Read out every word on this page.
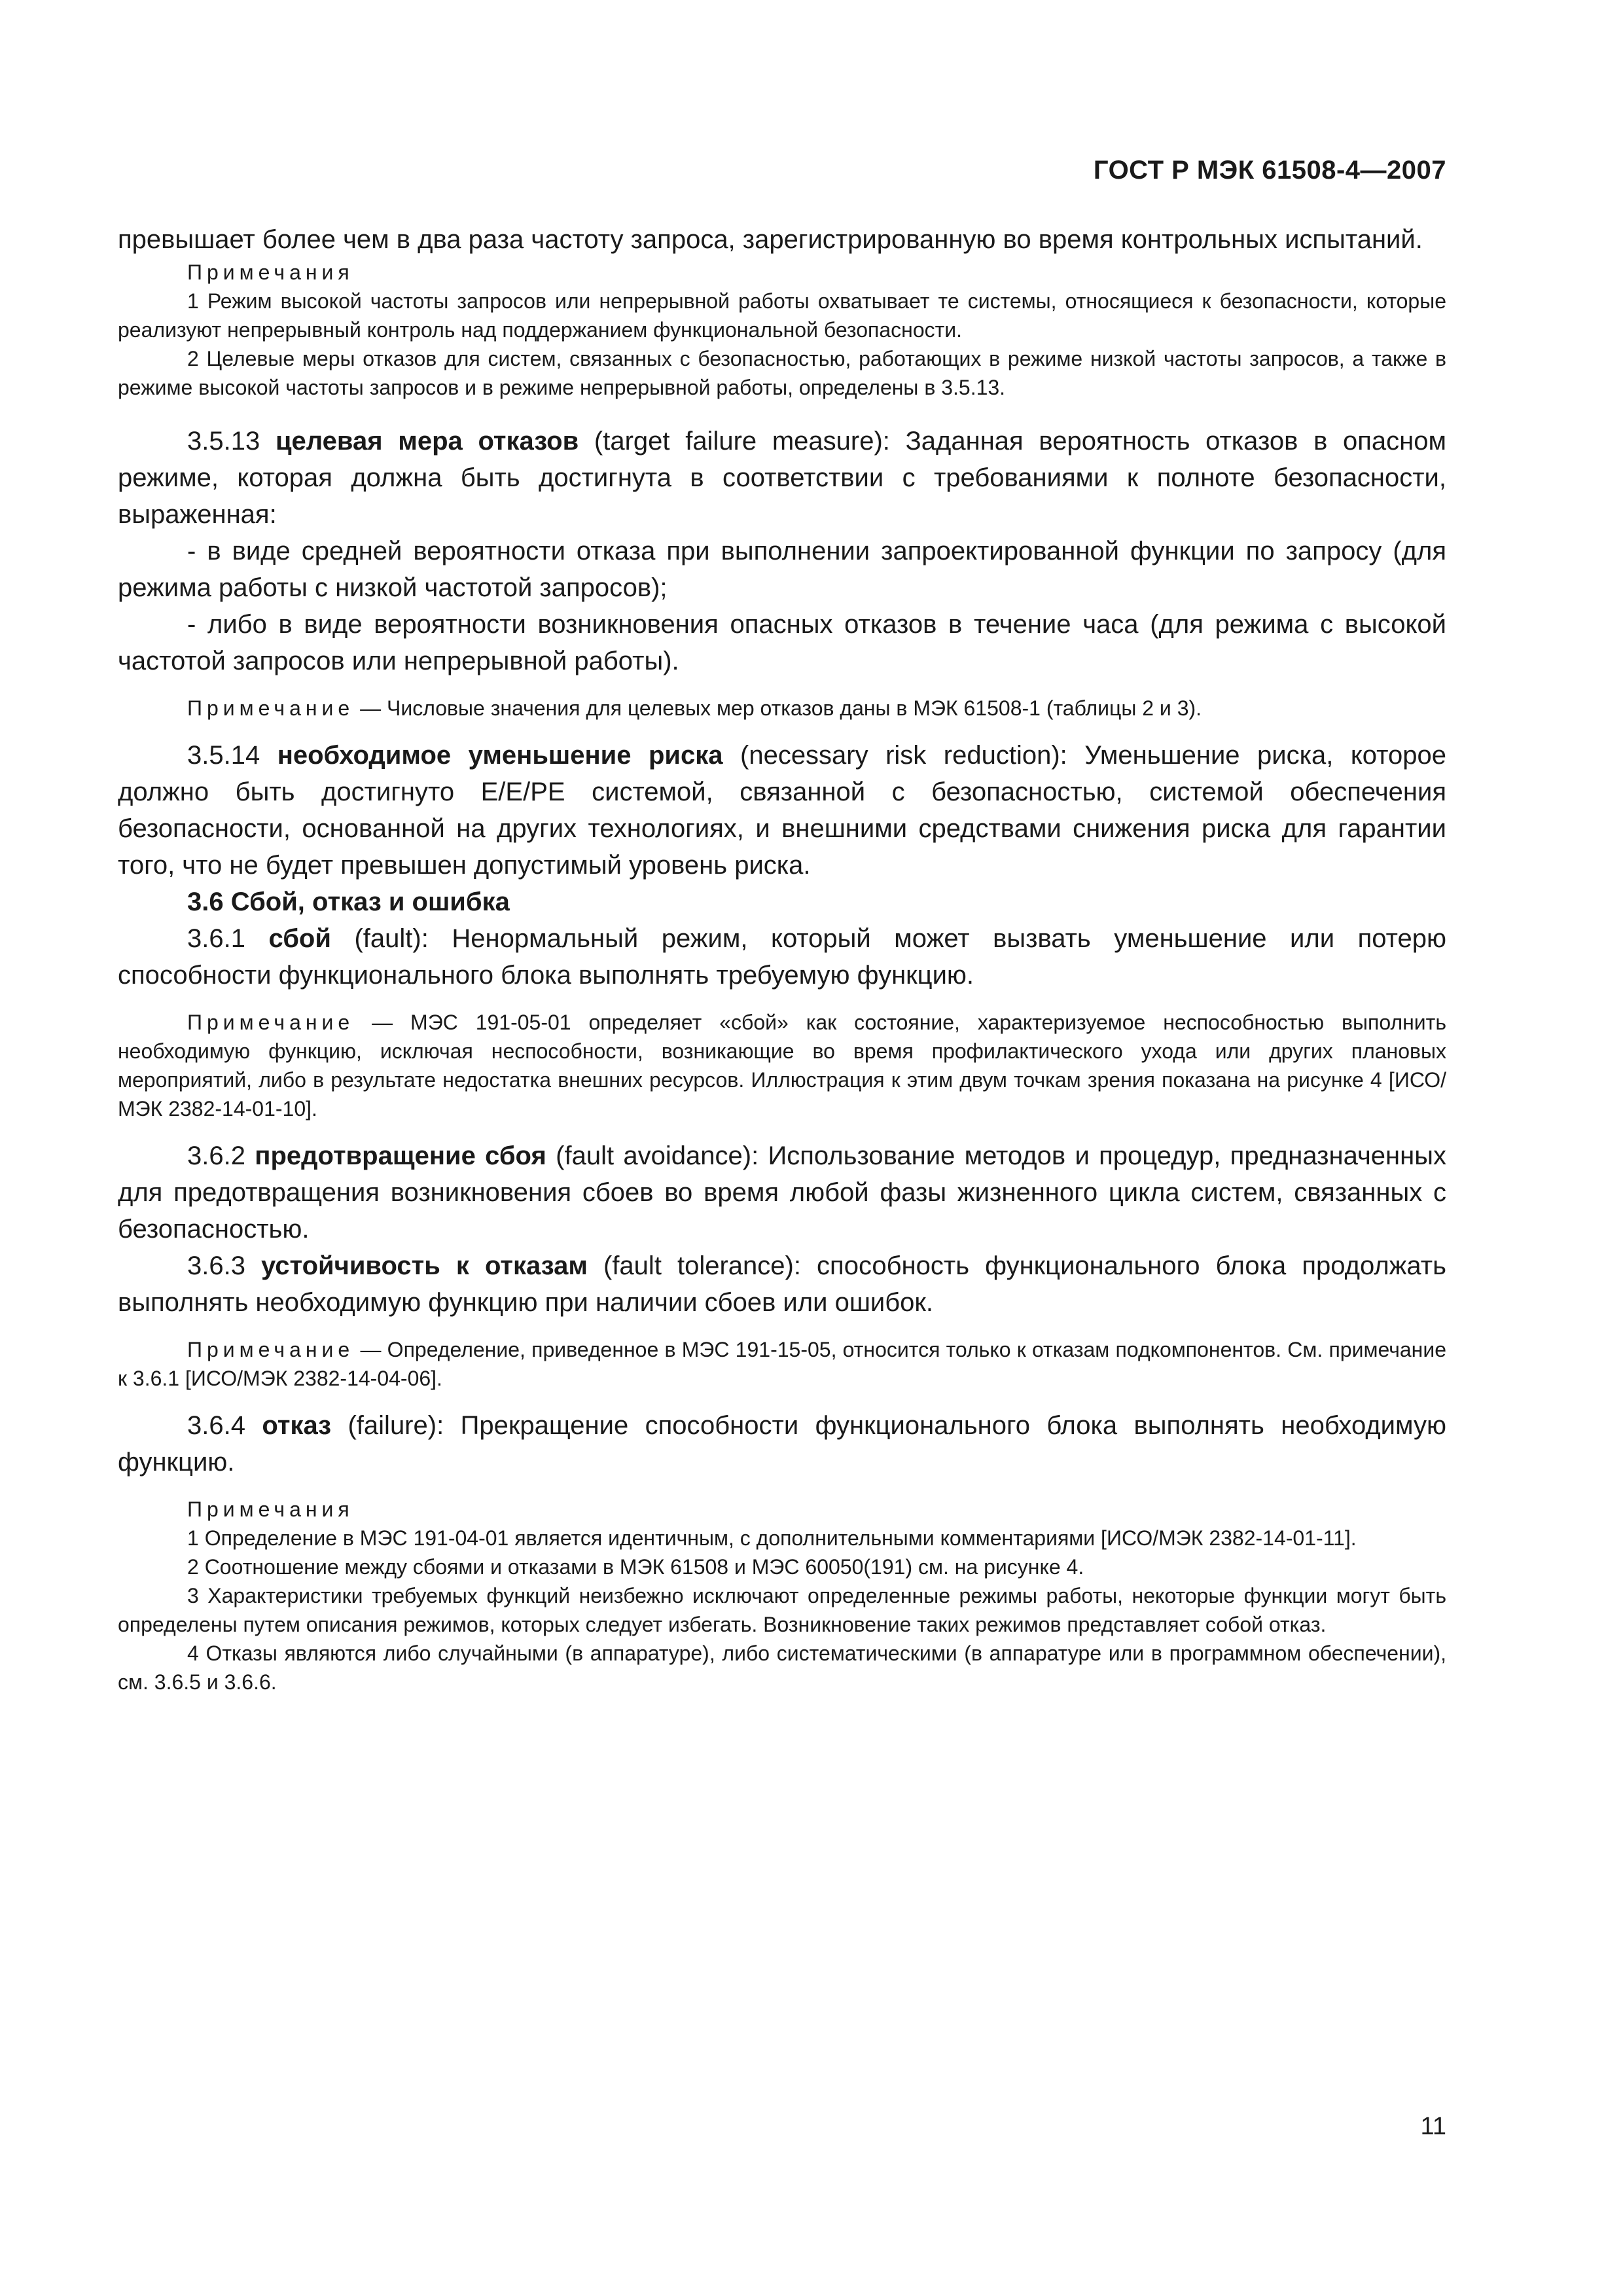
ГОСТ Р МЭК 61508-4—2007

превышает более чем в два раза частоту запроса, зарегистрированную во время контрольных испытаний.

Примечания

1 Режим высокой частоты запросов или непрерывной работы охватывает те системы, относящиеся к безопасности, которые реализуют непрерывный контроль над поддержанием функциональной безопасности.

2 Целевые меры отказов для систем, связанных с безопасностью, работающих в режиме низкой частоты запросов, а также в режиме высокой частоты запросов и в режиме непрерывной работы, определены в 3.5.13.

3.5.13 целевая мера отказов (target failure measure): Заданная вероятность отказов в опасном режиме, которая должна быть достигнута в соответствии с требованиями к полноте безопасности, выраженная:

- в виде средней вероятности отказа при выполнении запроектированной функции по запросу (для режима работы с низкой частотой запросов);

- либо в виде вероятности возникновения опасных отказов в течение часа (для режима с высокой частотой запросов или непрерывной работы).

Примечание — Числовые значения для целевых мер отказов даны в МЭК 61508-1 (таблицы 2 и 3).

3.5.14 необходимое уменьшение риска (necessary risk reduction): Уменьшение риска, которое должно быть достигнуто Е/Е/РЕ системой, связанной с безопасностью, системой обеспечения безопасности, основанной на других технологиях, и внешними средствами снижения риска для гарантии того, что не будет превышен допустимый уровень риска.

3.6 Сбой, отказ и ошибка

3.6.1 сбой (fault): Ненормальный режим, который может вызвать уменьшение или потерю способности функционального блока выполнять требуемую функцию.

Примечание — МЭС 191-05-01 определяет «сбой» как состояние, характеризуемое неспособностью выполнить необходимую функцию, исключая неспособности, возникающие во время профилактического ухода или других плановых мероприятий, либо в результате недостатка внешних ресурсов. Иллюстрация к этим двум точкам зрения показана на рисунке 4 [ИСО/МЭК 2382-14-01-10].

3.6.2 предотвращение сбоя (fault avoidance): Использование методов и процедур, предназначенных для предотвращения возникновения сбоев во время любой фазы жизненного цикла систем, связанных с безопасностью.

3.6.3 устойчивость к отказам (fault tolerance): способность функционального блока продолжать выполнять необходимую функцию при наличии сбоев или ошибок.

Примечание — Определение, приведенное в МЭС 191-15-05, относится только к отказам подкомпонентов. См. примечание к 3.6.1 [ИСО/МЭК 2382-14-04-06].

3.6.4 отказ (failure): Прекращение способности функционального блока выполнять необходимую функцию.

Примечания

1 Определение в МЭС 191-04-01 является идентичным, с дополнительными комментариями [ИСО/МЭК 2382-14-01-11].

2 Соотношение между сбоями и отказами в МЭК 61508 и МЭС 60050(191) см. на рисунке 4.

3 Характеристики требуемых функций неизбежно исключают определенные режимы работы, некоторые функции могут быть определены путем описания режимов, которых следует избегать. Возникновение таких режимов представляет собой отказ.

4 Отказы являются либо случайными (в аппаратуре), либо систематическими (в аппаратуре или в программном обеспечении), см. 3.6.5 и 3.6.6.

11
